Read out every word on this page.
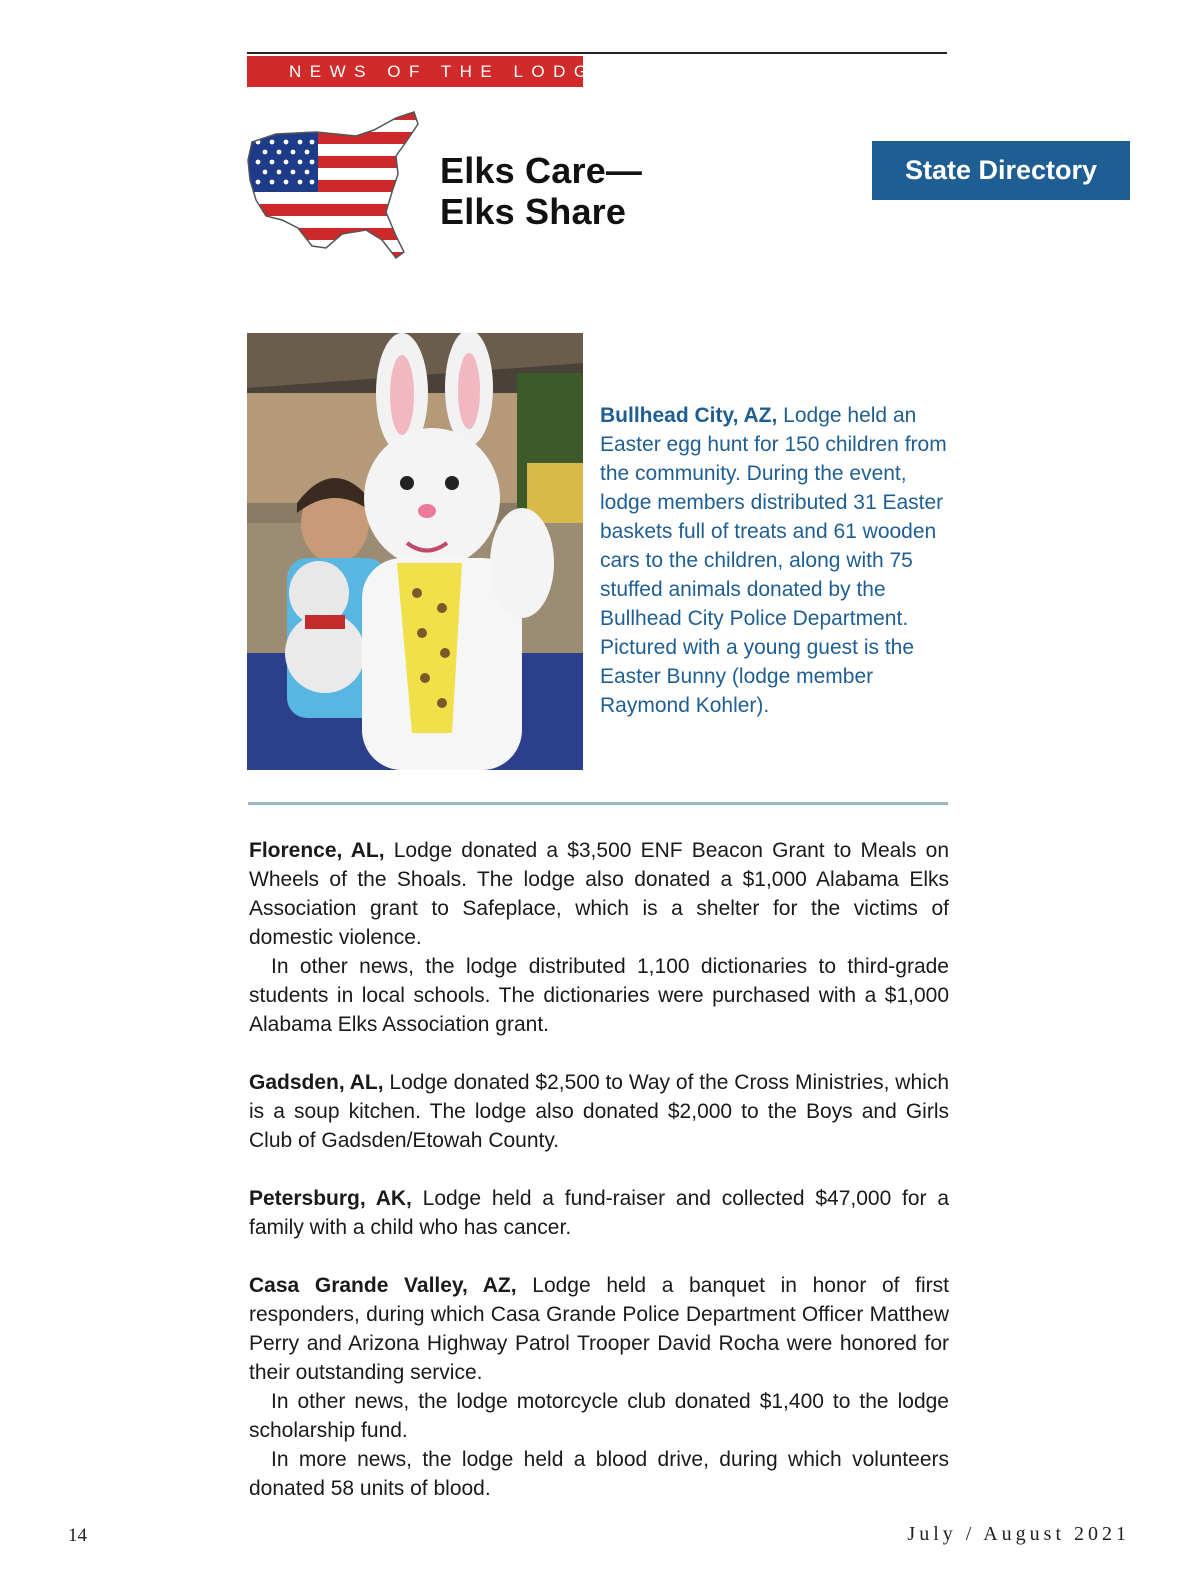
NEWS OF THE LODGES
Elks Care—
Elks Share
State Directory
Bullhead City, AZ, Lodge held an Easter egg hunt for 150 children from the community. During the event, lodge members distributed 31 Easter baskets full of treats and 61 wooden cars to the children, along with 75 stuffed animals donated by the Bullhead City Police Department. Pictured with a young guest is the Easter Bunny (lodge member Raymond Kohler).

Florence, AL, Lodge donated a $3,500 ENF Beacon Grant to Meals on Wheels of the Shoals. The lodge also donated a $1,000 Alabama Elks Association grant to Safeplace, which is a shelter for the victims of domestic violence.

In other news, the lodge distributed 1,100 dictionaries to third-grade students in local schools. The dictionaries were purchased with a $1,000 Alabama Elks Association grant.

Gadsden, AL, Lodge donated $2,500 to Way of the Cross Ministries, which is a soup kitchen. The lodge also donated $2,000 to the Boys and Girls Club of Gadsden/Etowah County.

Petersburg, AK, Lodge held a fund-raiser and collected $47,000 for a family with a child who has cancer.

Casa Grande Valley, AZ, Lodge held a banquet in honor of first responders, during which Casa Grande Police Department Officer Matthew Perry and Arizona Highway Patrol Trooper David Rocha were honored for their outstanding service.

In other news, the lodge motorcycle club donated $1,400 to the lodge scholarship fund.

In more news, the lodge held a blood drive, during which volunteers donated 58 units of blood.

14	July / August 2021
